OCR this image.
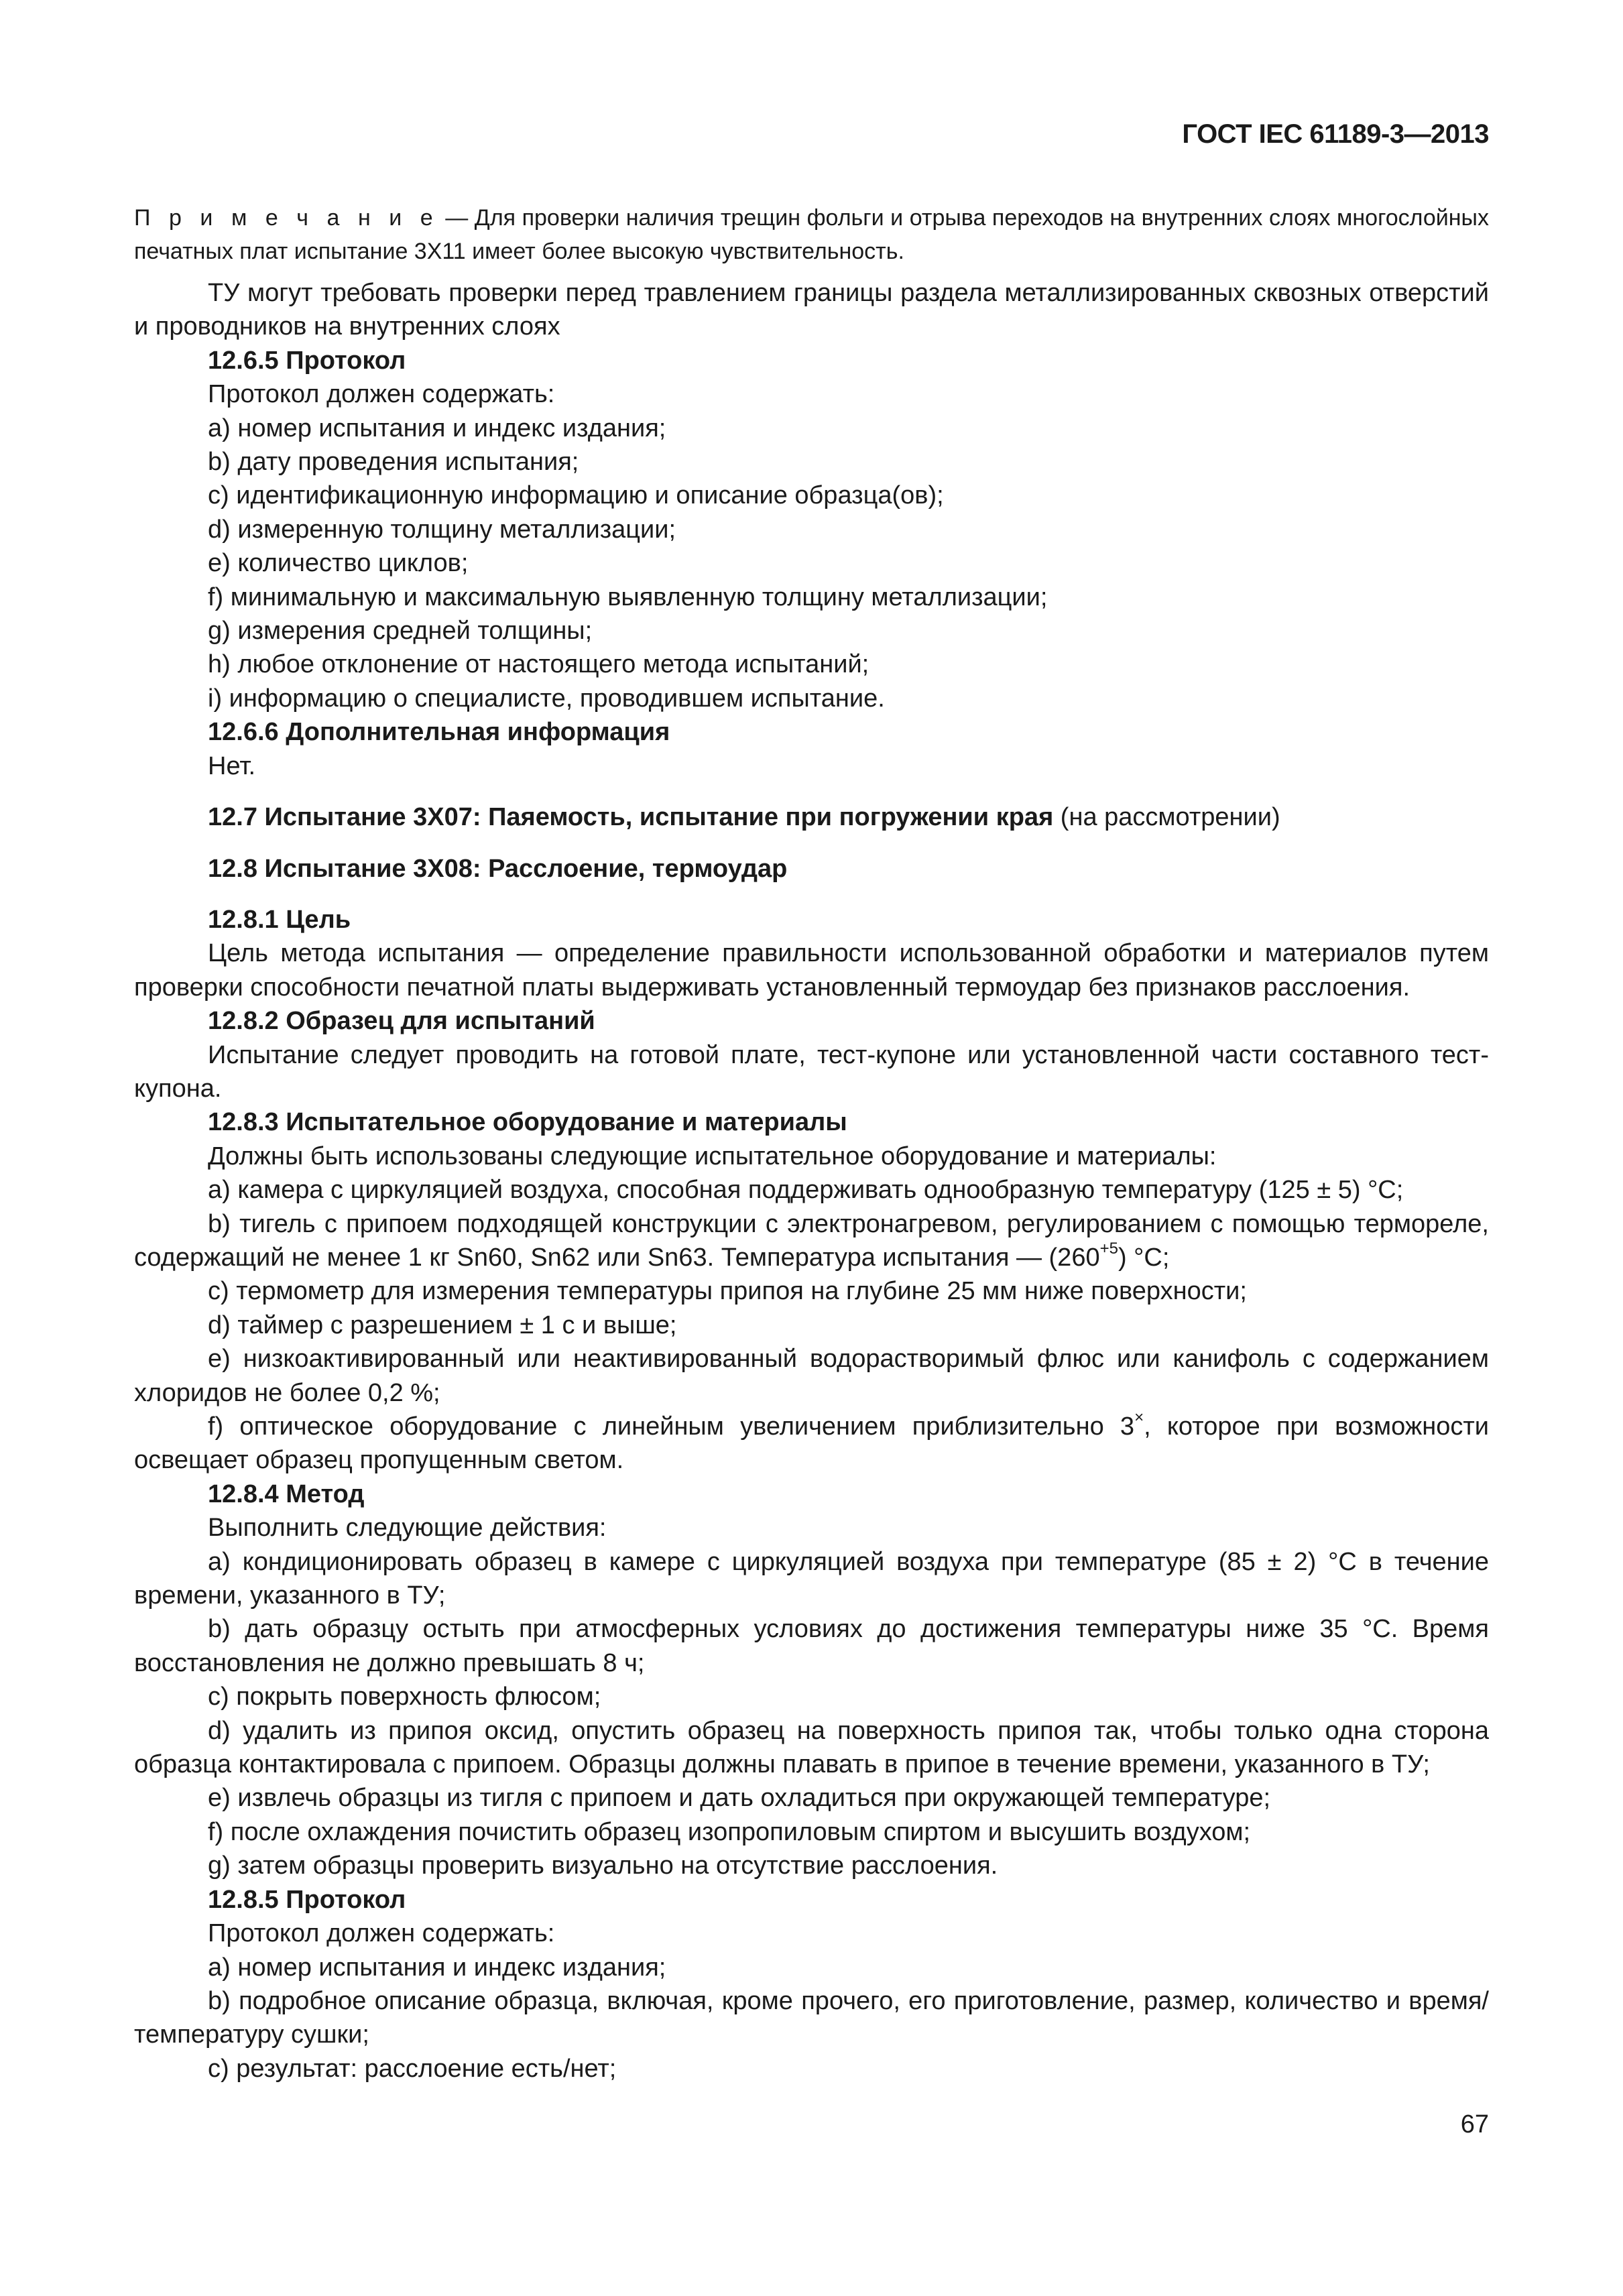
ГОСТ IEC 61189-3—2013
П р и м е ч а н и е — Для проверки наличия трещин фольги и отрыва переходов на внутренних слоях многослойных печатных плат испытание 3Х11 имеет более высокую чувствительность.
ТУ могут требовать проверки перед травлением границы раздела металлизированных сквозных отверстий и проводников на внутренних слоях
12.6.5 Протокол
Протокол должен содержать:
a) номер испытания и индекс издания;
b) дату проведения испытания;
c) идентификационную информацию и описание образца(ов);
d) измеренную толщину металлизации;
e) количество циклов;
f) минимальную и максимальную выявленную толщину металлизации;
g) измерения средней толщины;
h) любое отклонение от настоящего метода испытаний;
i) информацию о специалисте, проводившем испытание.
12.6.6 Дополнительная информация
Нет.
12.7 Испытание 3Х07: Паяемость, испытание при погружении края (на рассмотрении)
12.8 Испытание 3Х08: Расслоение, термоудар
12.8.1 Цель
Цель метода испытания — определение правильности использованной обработки и материалов путем проверки способности печатной платы выдерживать установленный термоудар без признаков расслоения.
12.8.2 Образец для испытаний
Испытание следует проводить на готовой плате, тест-купоне или установленной части составного тест-купона.
12.8.3 Испытательное оборудование и материалы
Должны быть использованы следующие испытательное оборудование и материалы:
a) камера с циркуляцией воздуха, способная поддерживать однообразную температуру (125 ± 5) °С;
b) тигель с припоем подходящей конструкции с электронагревом, регулированием с помощью термореле, содержащий не менее 1 кг Sn60, Sn62 или Sn63. Температура испытания — $(260^{+5})$ °С;
c) термометр для измерения температуры припоя на глубине 25 мм ниже поверхности;
d) таймер с разрешением ± 1 с и выше;
e) низкоактивированный или неактивированный водорастворимый флюс или канифоль с содержанием хлоридов не более 0,2 %;
f) оптическое оборудование с линейным увеличением приблизительно 3×, которое при возможности освещает образец пропущенным светом.
12.8.4 Метод
Выполнить следующие действия:
a) кондиционировать образец в камере с циркуляцией воздуха при температуре (85 ± 2) °С в течение времени, указанного в ТУ;
b) дать образцу остыть при атмосферных условиях до достижения температуры ниже 35 °С. Время восстановления не должно превышать 8 ч;
c) покрыть поверхность флюсом;
d) удалить из припоя оксид, опустить образец на поверхность припоя так, чтобы только одна сторона образца контактировала с припоем. Образцы должны плавать в припое в течение времени, указанного в ТУ;
e) извлечь образцы из тигля с припоем и дать охладиться при окружающей температуре;
f) после охлаждения почистить образец изопропиловым спиртом и высушить воздухом;
g) затем образцы проверить визуально на отсутствие расслоения.
12.8.5 Протокол
Протокол должен содержать:
a) номер испытания и индекс издания;
b) подробное описание образца, включая, кроме прочего, его приготовление, размер, количество и время/температуру сушки;
c) результат: расслоение есть/нет;
67
